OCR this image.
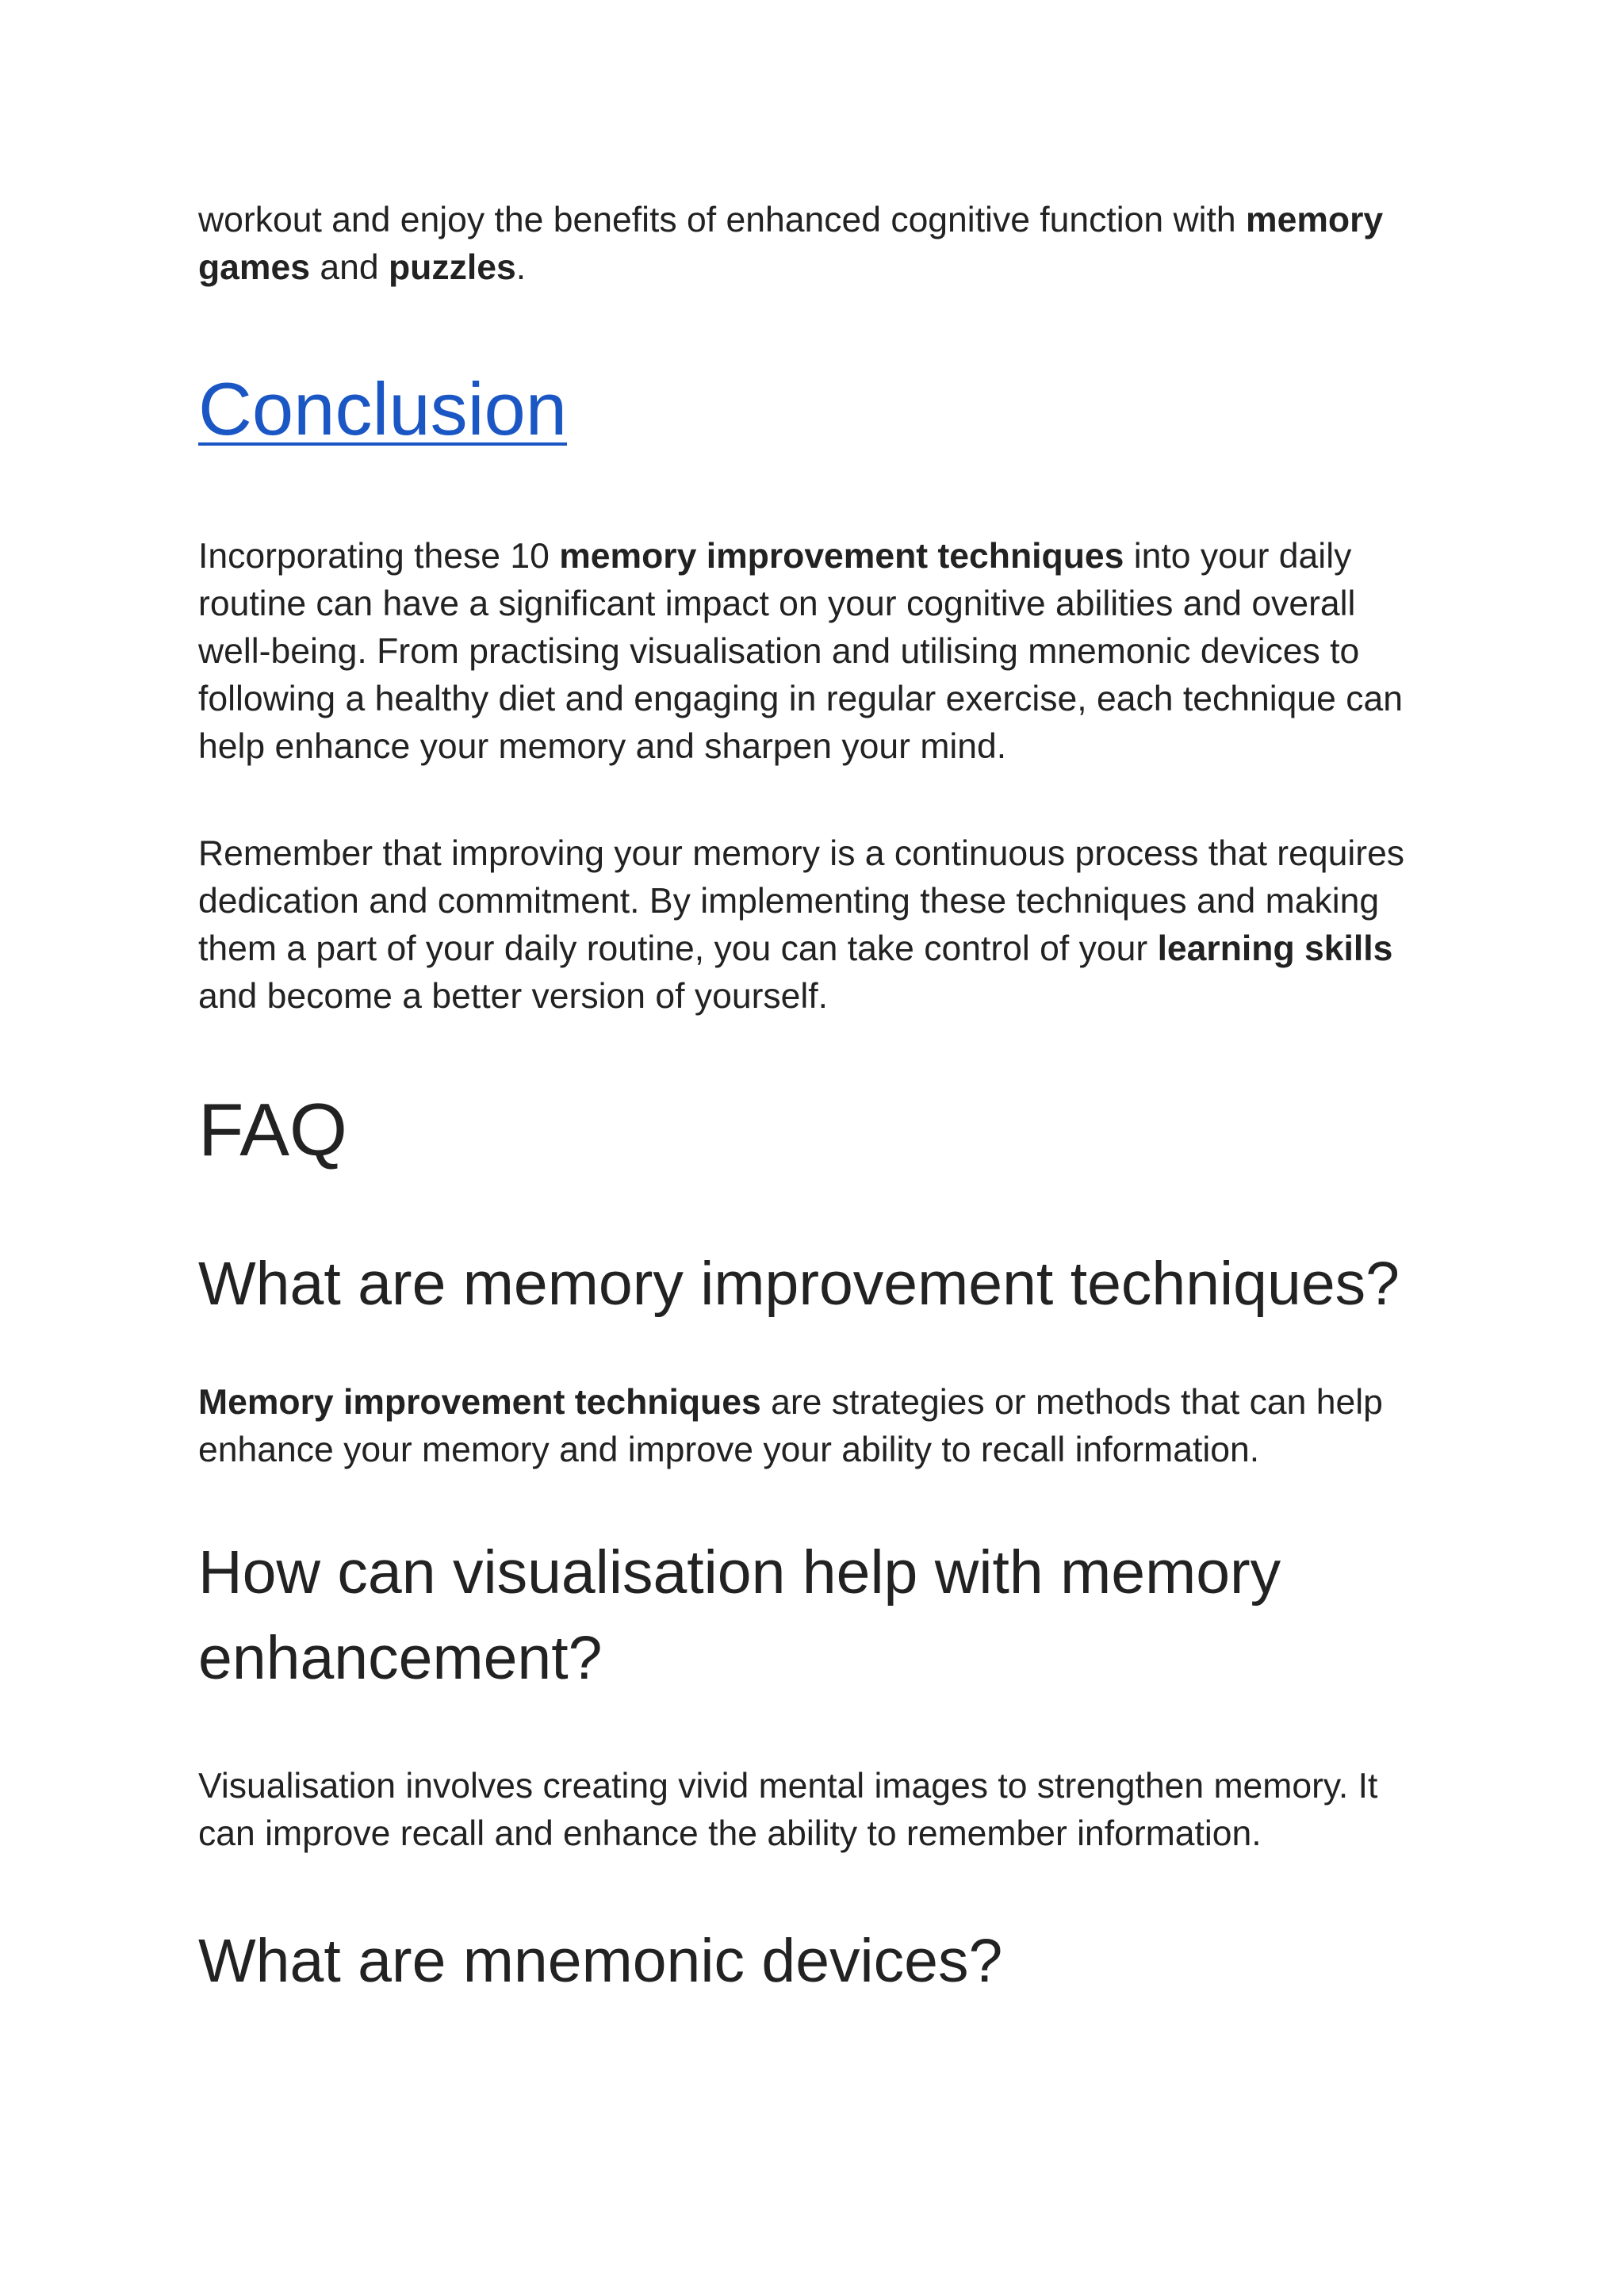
workout and enjoy the benefits of enhanced cognitive function with memory games and puzzles.

Conclusion

Incorporating these 10 memory improvement techniques into your daily routine can have a significant impact on your cognitive abilities and overall well-being. From practising visualisation and utilising mnemonic devices to following a healthy diet and engaging in regular exercise, each technique can help enhance your memory and sharpen your mind.

Remember that improving your memory is a continuous process that requires dedication and commitment. By implementing these techniques and making them a part of your daily routine, you can take control of your learning skills and become a better version of yourself.

FAQ
What are memory improvement techniques?

Memory improvement techniques are strategies or methods that can help enhance your memory and improve your ability to recall information.

How can visualisation help with memory enhancement?

Visualisation involves creating vivid mental images to strengthen memory. It can improve recall and enhance the ability to remember information.

What are mnemonic devices?
